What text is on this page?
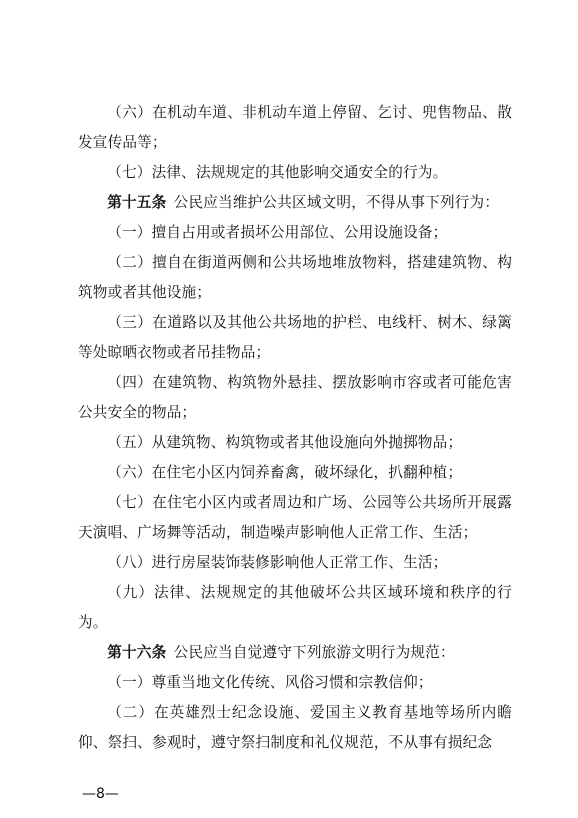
（六）在机动车道、非机动车道上停留、乞讨、兜售物品、散发宣传品等；

（七）法律、法规规定的其他影响交通安全的行为。

第十五条 公民应当维护公共区域文明，不得从事下列行为：

（一）擅自占用或者损坏公用部位、公用设施设备；

（二）擅自在街道两侧和公共场地堆放物料，搭建建筑物、构筑物或者其他设施；

（三）在道路以及其他公共场地的护栏、电线杆、树木、绿篱等处晾晒衣物或者吊挂物品；

（四）在建筑物、构筑物外悬挂、摆放影响市容或者可能危害公共安全的物品；

（五）从建筑物、构筑物或者其他设施向外抛掷物品；

（六）在住宅小区内饲养畜禽，破坏绿化，扒翻种植；

（七）在住宅小区内或者周边和广场、公园等公共场所开展露天演唱、广场舞等活动，制造噪声影响他人正常工作、生活；

（八）进行房屋装饰装修影响他人正常工作、生活；

（九）法律、法规规定的其他破坏公共区域环境和秩序的行为。

第十六条 公民应当自觉遵守下列旅游文明行为规范：

（一）尊重当地文化传统、风俗习惯和宗教信仰；

（二）在英雄烈士纪念设施、爱国主义教育基地等场所内瞻仰、祭扫、参观时，遵守祭扫制度和礼仪规范，不从事有损纪念

—8—
